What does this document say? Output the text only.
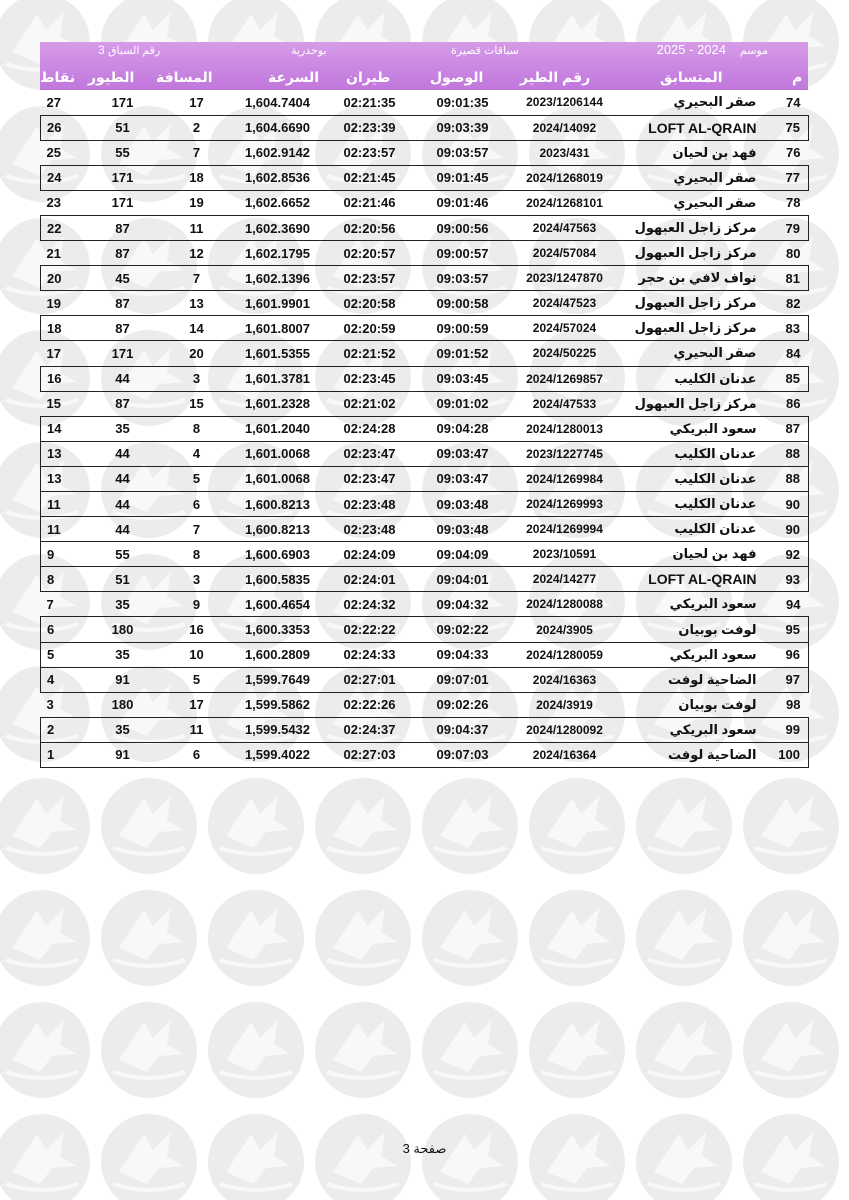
موسم
2025 - 2024
سباقات قصيرة
بوحدرية
رقم السباق
3
نقاط الطيور المسافة	السرعة طيران	الوصول	رقم الطير	المتسابق	م
27	171	17	1,604.7404	02:21:35	09:01:35	2023/1206144	صقر البحيري	74
26	51	2	1,604.6690	02:23:39	09:03:39	2024/14092	LOFT AL-QRAIN	75
25	55	7	1,602.9142	02:23:57	09:03:57	2023/431	فهد بن لحيان	76
24	171	18	1,602.8536	02:21:45	09:01:45	2024/1268019	صقر البحيري	77
23	171	19	1,602.6652	02:21:46	09:01:46	2024/1268101	صقر البحيري	78
22	87	11	1,602.3690	02:20:56	09:00:56	2024/47563	مركز زاجل العبهول	79
21	87	12	1,602.1795	02:20:57	09:00:57	2024/57084	مركز زاجل العبهول	80
20	45	7	1,602.1396	02:23:57	09:03:57	2023/1247870	نواف لافي بن حجر	81
19	87	13	1,601.9901	02:20:58	09:00:58	2024/47523	مركز زاجل العبهول	82
18	87	14	1,601.8007	02:20:59	09:00:59	2024/57024	مركز زاجل العبهول	83
17	171	20	1,601.5355	02:21:52	09:01:52	2024/50225	صقر البحيري	84
16	44	3	1,601.3781	02:23:45	09:03:45	2024/1269857	عدنان الكليب	85
15	87	15	1,601.2328	02:21:02	09:01:02	2024/47533	مركز زاجل العبهول	86
14	35	8	1,601.2040	02:24:28	09:04:28	2024/1280013	سعود البريكي	87
13	44	4	1,601.0068	02:23:47	09:03:47	2023/1227745	عدنان الكليب	88
13	44	5	1,601.0068	02:23:47	09:03:47	2024/1269984	عدنان الكليب	88
11	44	6	1,600.8213	02:23:48	09:03:48	2024/1269993	عدنان الكليب	90
11	44	7	1,600.8213	02:23:48	09:03:48	2024/1269994	عدنان الكليب	90
9	55	8	1,600.6903	02:24:09	09:04:09	2023/10591	فهد بن لحيان	92
8	51	3	1,600.5835	02:24:01	09:04:01	2024/14277	LOFT AL-QRAIN	93
7	35	9	1,600.4654	02:24:32	09:04:32	2024/1280088	سعود البريكي	94
6	180	16	1,600.3353	02:22:22	09:02:22	2024/3905	لوفت بوبيان	95
5	35	10	1,600.2809	02:24:33	09:04:33	2024/1280059	سعود البريكي	96
4	91	5	1,599.7649	02:27:01	09:07:01	2024/16363	الضاحية لوفت	97
3	180	17	1,599.5862	02:22:26	09:02:26	2024/3919	لوفت بوبيان	98
2	35	11	1,599.5432	02:24:37	09:04:37	2024/1280092	سعود البريكي	99
1	91	6	1,599.4022	02:27:03	09:07:03	2024/16364	الضاحية لوفت	100
صفحة 3
